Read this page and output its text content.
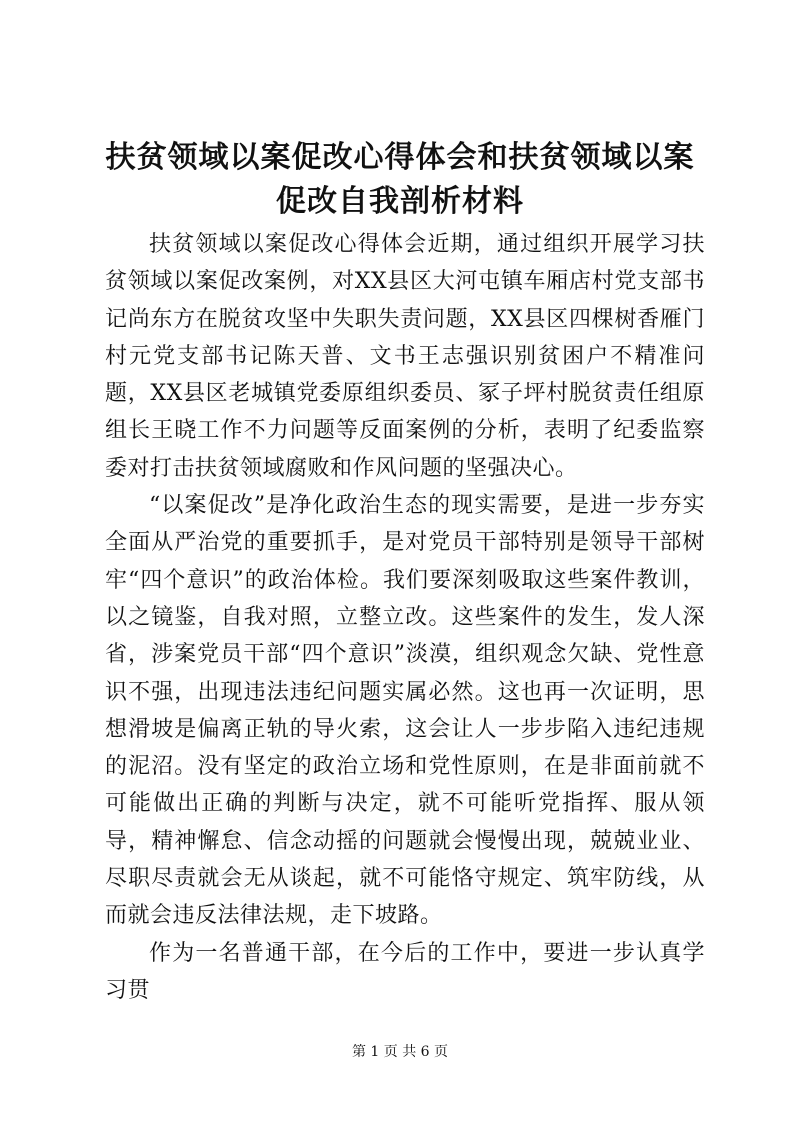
扶贫领域以案促改心得体会和扶贫领域以案促改自我剖析材料

扶贫领域以案促改心得体会近期，通过组织开展学习扶贫领域以案促改案例，对XX县区大河屯镇车厢店村党支部书记尚东方在脱贫攻坚中失职失责问题，XX县区四棵树香雁门村元党支部书记陈天普、文书王志强识别贫困户不精准问题，XX县区老城镇党委原组织委员、冢子坪村脱贫责任组原组长王晓工作不力问题等反面案例的分析，表明了纪委监察委对打击扶贫领域腐败和作风问题的坚强决心。

“以案促改”是净化政治生态的现实需要，是进一步夯实全面从严治党的重要抓手，是对党员干部特别是领导干部树牢“四个意识”的政治体检。我们要深刻吸取这些案件教训，以之镜鉴，自我对照，立整立改。这些案件的发生，发人深省，涉案党员干部“四个意识”淡漠，组织观念欠缺、党性意识不强，出现违法违纪问题实属必然。这也再一次证明，思想滑坡是偏离正轨的导火索，这会让人一步步陷入违纪违规的泥沼。没有坚定的政治立场和党性原则，在是非面前就不可能做出正确的判断与决定，就不可能听党指挥、服从领导，精神懈怠、信念动摇的问题就会慢慢出现，兢兢业业、尽职尽责就会无从谈起，就不可能恪守规定、筑牢防线，从而就会违反法律法规，走下坡路。

作为一名普通干部，在今后的工作中，要进一步认真学习贯

第 1 页 共 6 页
